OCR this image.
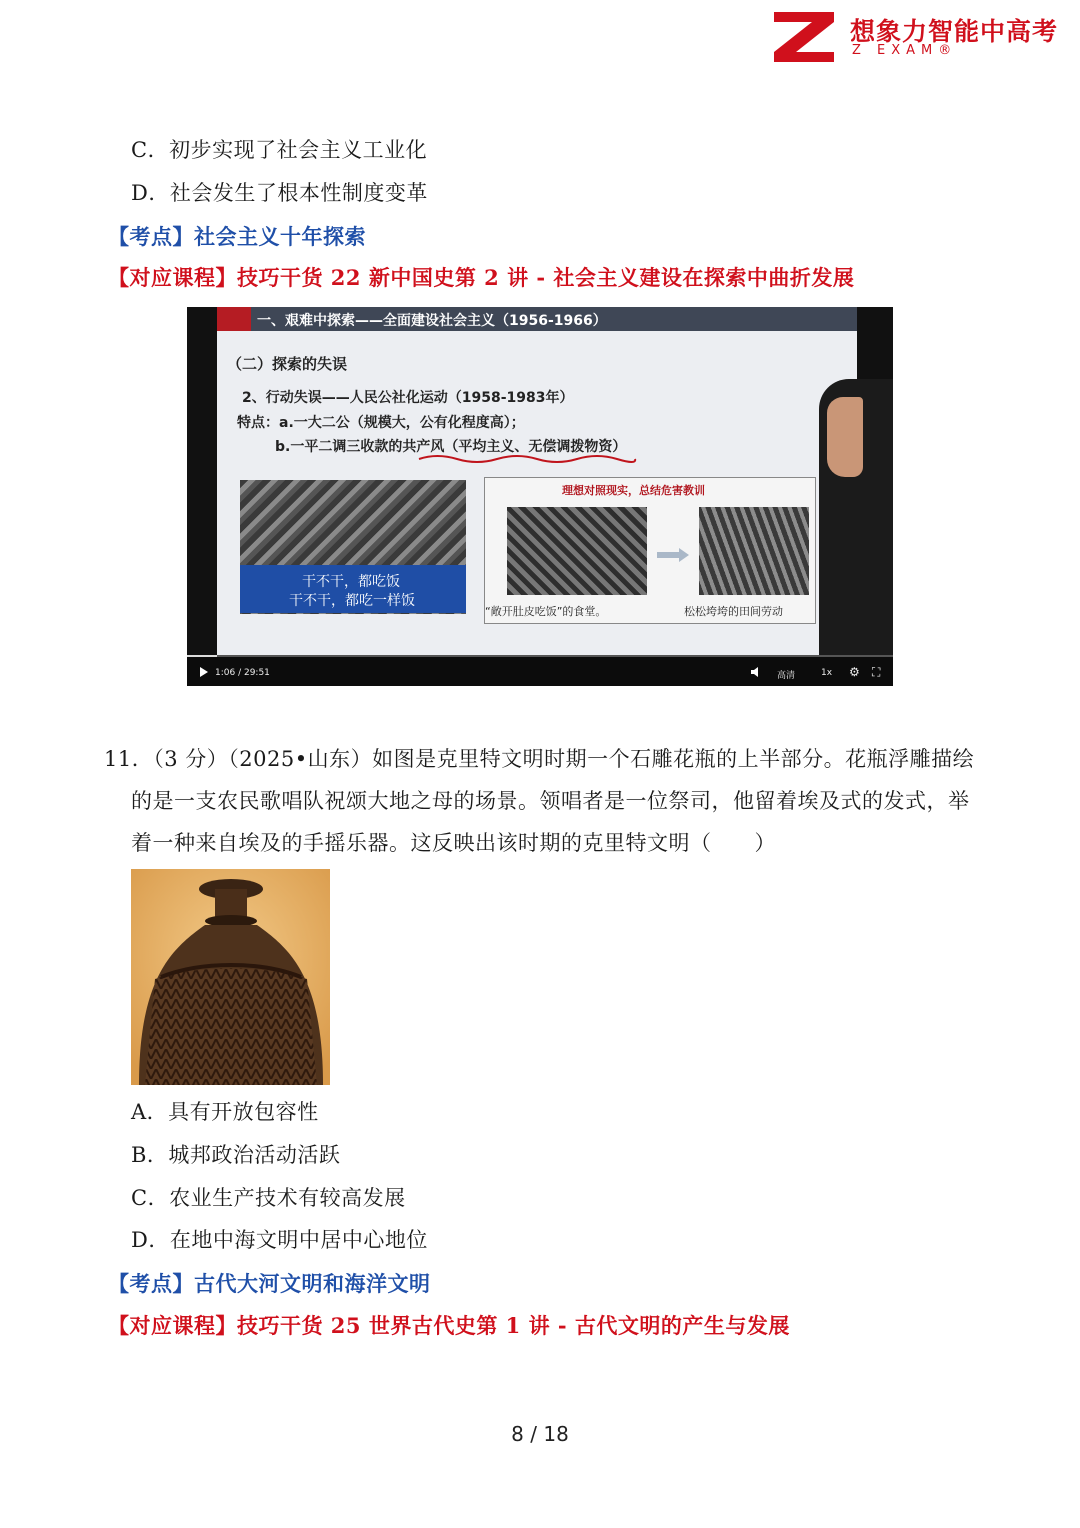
想象力智能中高考
Z EXAM®
C．初步实现了社会主义工业化
D．社会发生了根本性制度变革
【考点】社会主义十年探索
【对应课程】技巧干货 22 新中国史第 2 讲 - 社会主义建设在探索中曲折发展
一、艰难中探索——全面建设社会主义（1956-1966）
（二）探索的失误
2、行动失误——人民公社化运动（1958-1983年）
特点：a.一大二公（规模大，公有化程度高）；
b.一平二调三收款的共产风（平均主义、无偿调拨物资）
干不干，都吃饭
干不干，都吃一样饭
理想对照现实，总结危害教训
“敞开肚皮吃饭”的食堂。	松松垮垮的田间劳动
1:06 / 29:51	高清	1x ⚙ ⛶
11．（3 分）（2025•山东）如图是克里特文明时期一个石雕花瓶的上半部分。花瓶浮雕描绘
的是一支农民歌唱队祝颂大地之母的场景。领唱者是一位祭司，他留着埃及式的发式，举
着一种来自埃及的手摇乐器。这反映出该时期的克里特文明（　　）
A．具有开放包容性
B．城邦政治活动活跃
C．农业生产技术有较高发展
D．在地中海文明中居中心地位
【考点】古代大河文明和海洋文明
【对应课程】技巧干货 25 世界古代史第 1 讲 - 古代文明的产生与发展
8 / 18
